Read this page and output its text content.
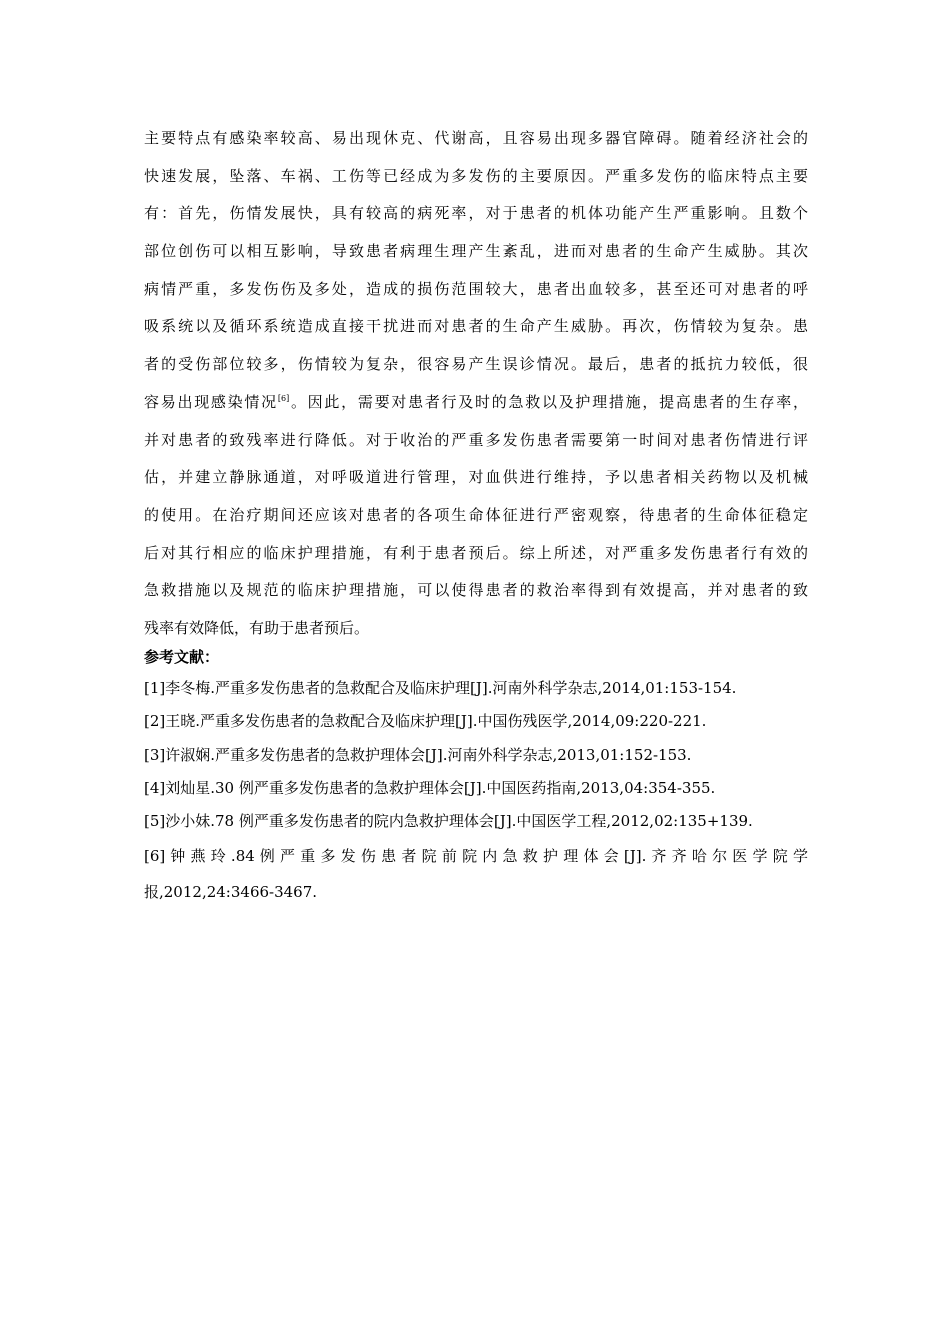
主要特点有感染率较高、易出现休克、代谢高，且容易出现多器官障碍。随着经济社会的
快速发展，坠落、车祸、工伤等已经成为多发伤的主要原因。严重多发伤的临床特点主要
有：首先，伤情发展快，具有较高的病死率，对于患者的机体功能产生严重影响。且数个
部位创伤可以相互影响，导致患者病理生理产生紊乱，进而对患者的生命产生威胁。其次
病情严重，多发伤伤及多处，造成的损伤范围较大，患者出血较多，甚至还可对患者的呼
吸系统以及循环系统造成直接干扰进而对患者的生命产生威胁。再次，伤情较为复杂。患
者的受伤部位较多，伤情较为复杂，很容易产生误诊情况。最后，患者的抵抗力较低，很
容易出现感染情况[6]。因此，需要对患者行及时的急救以及护理措施，提高患者的生存率，
并对患者的致残率进行降低。对于收治的严重多发伤患者需要第一时间对患者伤情进行评
估，并建立静脉通道，对呼吸道进行管理，对血供进行维持，予以患者相关药物以及机械
的使用。在治疗期间还应该对患者的各项生命体征进行严密观察，待患者的生命体征稳定
后对其行相应的临床护理措施，有利于患者预后。综上所述，对严重多发伤患者行有效的
急救措施以及规范的临床护理措施，可以使得患者的救治率得到有效提高，并对患者的致
残率有效降低，有助于患者预后。
参考文献：
[1]李冬梅.严重多发伤患者的急救配合及临床护理[J].河南外科学杂志,2014,01:153-154.
[2]王晓.严重多发伤患者的急救配合及临床护理[J].中国伤残医学,2014,09:220-221.
[3]许淑娴.严重多发伤患者的急救护理体会[J].河南外科学杂志,2013,01:152-153.
[4]刘灿星.30 例严重多发伤患者的急救护理体会[J].中国医药指南,2013,04:354-355.
[5]沙小妹.78 例严重多发伤患者的院内急救护理体会[J].中国医学工程,2012,02:135+139.
[6] 钟 燕 玲 .84 例 严 重 多 发 伤 患 者 院 前 院 内 急 救 护 理 体 会 [J]. 齐 齐 哈 尔 医 学 院 学
报,2012,24:3466-3467.
